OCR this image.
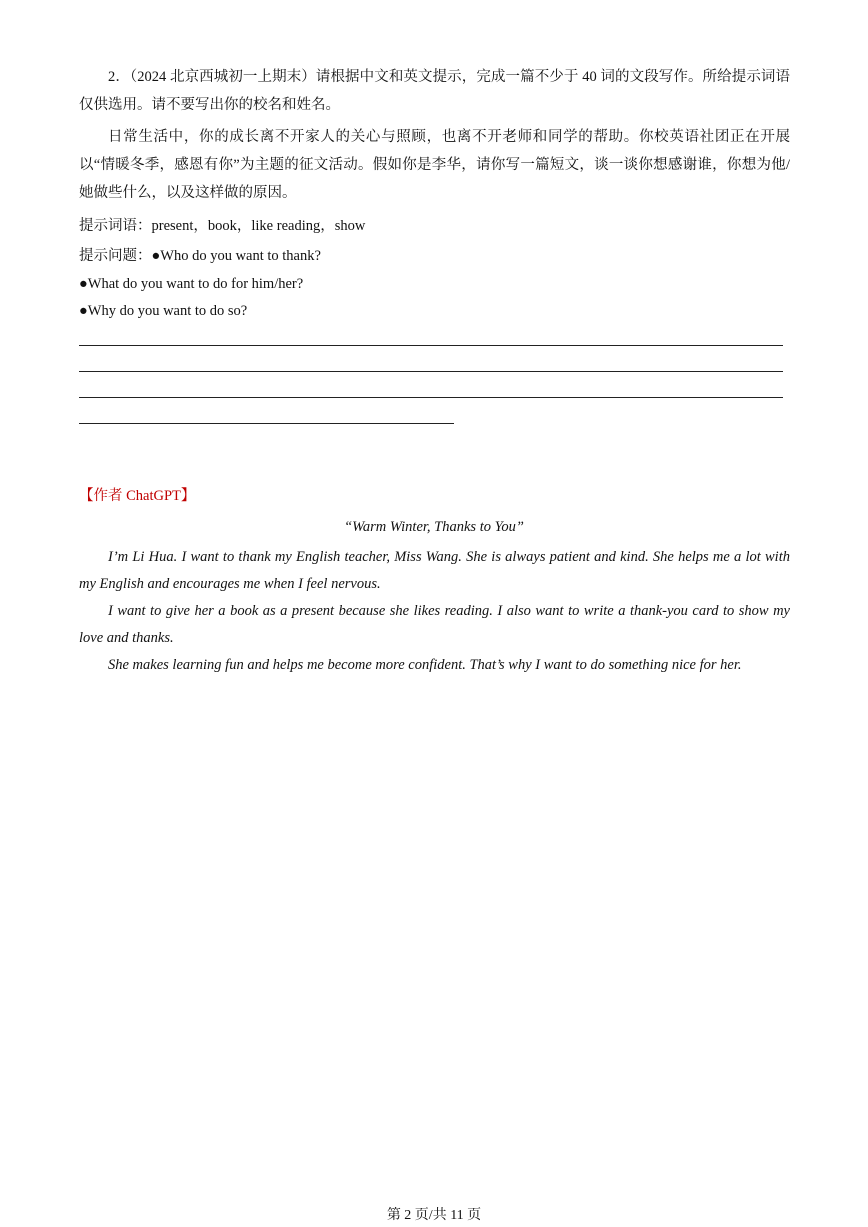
2．（2024 北京西城初一上期末）请根据中文和英文提示，完成一篇不少于 40 词的文段写作。所给提示词语仅供选用。请不要写出你的校名和姓名。
日常生活中，你的成长离不开家人的关心与照顾，也离不开老师和同学的帮助。你校英语社团正在开展以“情暖冬季，感恩有你”为主题的征文活动。假如你是李华，请你写一篇短文，谈一谈你想感谢谁，你想为他/她做些什么，以及这样做的原因。
提示词语：present，book，like reading，show
提示问题：●Who do you want to thank?
●What do you want to do for him/her?
●Why do you want to do so?
【作者 ChatGPT】
“Warm Winter, Thanks to You”
I’m Li Hua. I want to thank my English teacher, Miss Wang. She is always patient and kind. She helps me a lot with my English and encourages me when I feel nervous.
I want to give her a book as a present because she likes reading. I also want to write a thank-you card to show my love and thanks.
She makes learning fun and helps me become more confident. That’s why I want to do something nice for her.
第 2 页/共 11 页
